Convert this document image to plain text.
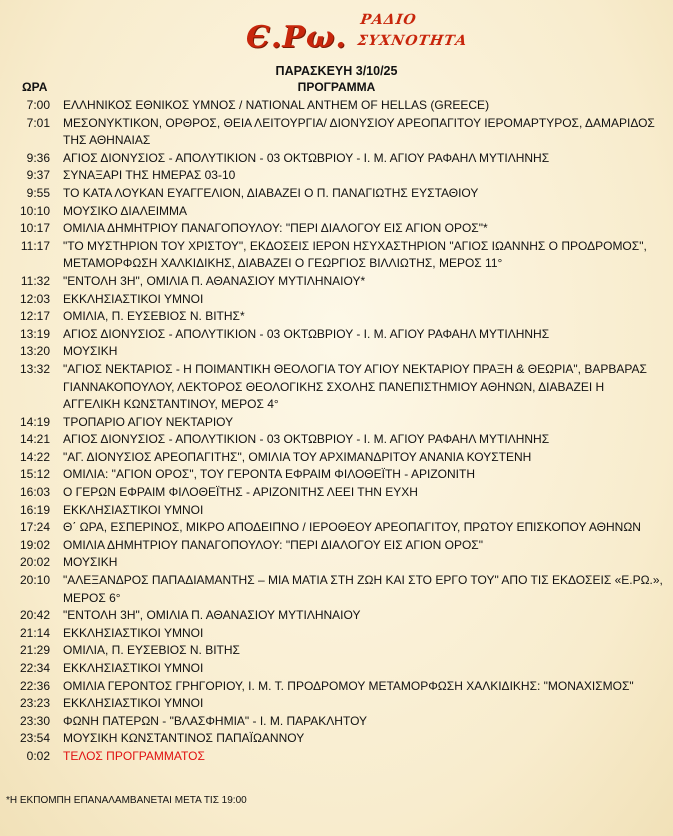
Є.Ρω. ΡΑΔΙΟ
ΣΥΧΝΟΤΗΤΑ
ΠΑΡΑΣΚΕΥΗ 3/10/25
ΩΡΑ	ΠΡΟΓΡΑΜΜΑ
7:00 ΕΛΛΗΝΙΚΟΣ ΕΘΝΙΚΟΣ ΥΜΝΟΣ / NATIONAL ANTHEM OF HELLAS (GREECE)
7:01 ΜΕΣΟΝΥΚΤΙΚΟΝ, ΟΡΘΡΟΣ, ΘΕΙΑ ΛΕΙΤΟΥΡΓΙΑ/ ΔΙΟΝΥΣΙΟΥ ΑΡΕΟΠΑΓΙΤΟΥ ΙΕΡΟΜΑΡΤΥΡΟΣ, ΔΑΜΑΡΙΔΟΣ ΤΗΣ ΑΘΗΝΑΙΑΣ
9:36 ΑΓΙΟΣ ΔΙΟΝΥΣΙΟΣ - ΑΠΟΛΥΤΙΚΙΟΝ - 03 ΟΚΤΩΒΡΙΟΥ - Ι. Μ. ΑΓΙΟΥ ΡΑΦΑΗΛ ΜΥΤΙΛΗΝΗΣ
9:37 ΣΥΝΑΞΑΡΙ ΤΗΣ ΗΜΕΡΑΣ 03-10
9:55 ΤΟ ΚΑΤΑ ΛΟΥΚΑΝ ΕΥΑΓΓΕΛΙΟΝ, ΔΙΑΒΑΖΕΙ Ο Π. ΠΑΝΑΓΙΩΤΗΣ ΕΥΣΤΑΘΙΟΥ
10:10 ΜΟΥΣΙΚΟ ΔΙΑΛΕΙΜΜΑ
10:17 ΟΜΙΛΙΑ ΔΗΜΗΤΡΙΟΥ ΠΑΝΑΓΟΠΟΥΛΟΥ: "ΠΕΡΙ ΔΙΑΛΟΓΟΥ ΕΙΣ ΑΓΙΟΝ ΟΡΟΣ"*
11:17 "ΤΟ ΜΥΣΤΗΡΙΟΝ ΤΟΥ ΧΡΙΣΤΟΥ", ΕΚΔΟΣΕΙΣ ΙΕΡΟΝ ΗΣΥΧΑΣΤΗΡΙΟΝ "ΑΓΙΟΣ ΙΩΑΝΝΗΣ Ο ΠΡΟΔΡΟΜΟΣ", ΜΕΤΑΜΟΡΦΩΣΗ ΧΑΛΚΙΔΙΚΗΣ, ΔΙΑΒΑΖΕΙ Ο ΓΕΩΡΓΙΟΣ ΒΙΛΛΙΩΤΗΣ, ΜΕΡΟΣ 11°
11:32 "ΕΝΤΟΛΗ 3Η", ΟΜΙΛΙΑ Π. ΑΘΑΝΑΣΙΟΥ ΜΥΤΙΛΗΝΑΙΟΥ*
12:03 ΕΚΚΛΗΣΙΑΣΤΙΚΟΙ ΥΜΝΟΙ
12:17 ΟΜΙΛΙΑ, Π. ΕΥΣΕΒΙΟΣ Ν. ΒΙΤΗΣ*
13:19 ΑΓΙΟΣ ΔΙΟΝΥΣΙΟΣ - ΑΠΟΛΥΤΙΚΙΟΝ - 03 ΟΚΤΩΒΡΙΟΥ - Ι. Μ. ΑΓΙΟΥ ΡΑΦΑΗΛ ΜΥΤΙΛΗΝΗΣ
13:20 ΜΟΥΣΙΚΗ
13:32 "ΑΓΙΟΣ ΝΕΚΤΑΡΙΟΣ - Η ΠΟΙΜΑΝΤΙΚΗ ΘΕΟΛΟΓΙΑ ΤΟΥ ΑΓΙΟΥ ΝΕΚΤΑΡΙΟΥ ΠΡΑΞΗ & ΘΕΩΡΙΑ", ΒΑΡΒΑΡΑΣ ΓΙΑΝΝΑΚΟΠΟΥΛΟΥ, ΛΕΚΤΟΡΟΣ ΘΕΟΛΟΓΙΚΗΣ ΣΧΟΛΗΣ ΠΑΝΕΠΙΣΤΗΜΙΟΥ ΑΘΗΝΩΝ, ΔΙΑΒΑΖΕΙ Η ΑΓΓΕΛΙΚΗ ΚΩΝΣΤΑΝΤΙΝΟΥ, ΜΕΡΟΣ 4°
14:19 ΤΡΟΠΑΡΙΟ ΑΓΙΟΥ ΝΕΚΤΑΡΙΟΥ
14:21 ΑΓΙΟΣ ΔΙΟΝΥΣΙΟΣ - ΑΠΟΛΥΤΙΚΙΟΝ - 03 ΟΚΤΩΒΡΙΟΥ - Ι. Μ. ΑΓΙΟΥ ΡΑΦΑΗΛ ΜΥΤΙΛΗΝΗΣ
14:22 "ΑΓ. ΔΙΟΝΥΣΙΟΣ ΑΡΕΟΠΑΓΙΤΗΣ", ΟΜΙΛΙΑ ΤΟΥ ΑΡΧΙΜΑΝΔΡΙΤΟΥ ΑΝΑΝΙΑ ΚΟΥΣΤΕΝΗ
15:12 ΟΜΙΛΙΑ: "ΑΓΙΟΝ ΟΡΟΣ", ΤΟΥ ΓΕΡΟΝΤΑ ΕΦΡΑΙΜ ΦΙΛΟΘΕΪΤΗ - ΑΡΙΖΟΝΙΤΗ
16:03 Ο ΓΕΡΩΝ ΕΦΡΑΙΜ ΦΙΛΟΘΕΪΤΗΣ - ΑΡΙΖΟΝΙΤΗΣ ΛΕΕΙ ΤΗΝ ΕΥΧΗ
16:19 ΕΚΚΛΗΣΙΑΣΤΙΚΟΙ ΥΜΝΟΙ
17:24 Θ΄ ΩΡΑ, ΕΣΠΕΡΙΝΟΣ, ΜΙΚΡΟ ΑΠΟΔΕΙΠΝΟ / ΙΕΡΟΘΕΟΥ ΑΡΕΟΠΑΓΙΤΟΥ, ΠΡΩΤΟΥ ΕΠΙΣΚΟΠΟΥ ΑΘΗΝΩΝ
19:02 ΟΜΙΛΙΑ ΔΗΜΗΤΡΙΟΥ ΠΑΝΑΓΟΠΟΥΛΟΥ: "ΠΕΡΙ ΔΙΑΛΟΓΟΥ ΕΙΣ ΑΓΙΟΝ ΟΡΟΣ"
20:02 ΜΟΥΣΙΚΗ
20:10 "ΑΛΕΞΑΝΔΡΟΣ ΠΑΠΑΔΙΑΜΑΝΤΗΣ – ΜΙΑ ΜΑΤΙΑ ΣΤΗ ΖΩΗ ΚΑΙ ΣΤΟ ΕΡΓΟ ΤΟΥ" ΑΠΟ ΤΙΣ ΕΚΔΟΣΕΙΣ «Ε.ΡΩ.», ΜΕΡΟΣ 6°
20:42 "ΕΝΤΟΛΗ 3Η", ΟΜΙΛΙΑ Π. ΑΘΑΝΑΣΙΟΥ ΜΥΤΙΛΗΝΑΙΟΥ
21:14 ΕΚΚΛΗΣΙΑΣΤΙΚΟΙ ΥΜΝΟΙ
21:29 ΟΜΙΛΙΑ, Π. ΕΥΣΕΒΙΟΣ Ν. ΒΙΤΗΣ
22:34 ΕΚΚΛΗΣΙΑΣΤΙΚΟΙ ΥΜΝΟΙ
22:36 ΟΜΙΛΙΑ ΓΕΡΟΝΤΟΣ ΓΡΗΓΟΡΙΟΥ, Ι. Μ. Τ. ΠΡΟΔΡΟΜΟΥ ΜΕΤΑΜΟΡΦΩΣΗ ΧΑΛΚΙΔΙΚΗΣ: "ΜΟΝΑΧΙΣΜΟΣ"
23:23 ΕΚΚΛΗΣΙΑΣΤΙΚΟΙ ΥΜΝΟΙ
23:30 ΦΩΝΗ ΠΑΤΕΡΩΝ - "ΒΛΑΣΦΗΜΙΑ" - Ι. Μ. ΠΑΡΑΚΛΗΤΟΥ
23:54 ΜΟΥΣΙΚΗ ΚΩΝΣΤΑΝΤΙΝΟΣ ΠΑΠΑΪΩΑΝΝΟΥ
0:02 ΤΕΛΟΣ ΠΡΟΓΡΑΜΜΑΤΟΣ
*Η ΕΚΠΟΜΠΗ ΕΠΑΝΑΛΑΜΒΑΝΕΤΑΙ ΜΕΤΑ ΤΙΣ 19:00
